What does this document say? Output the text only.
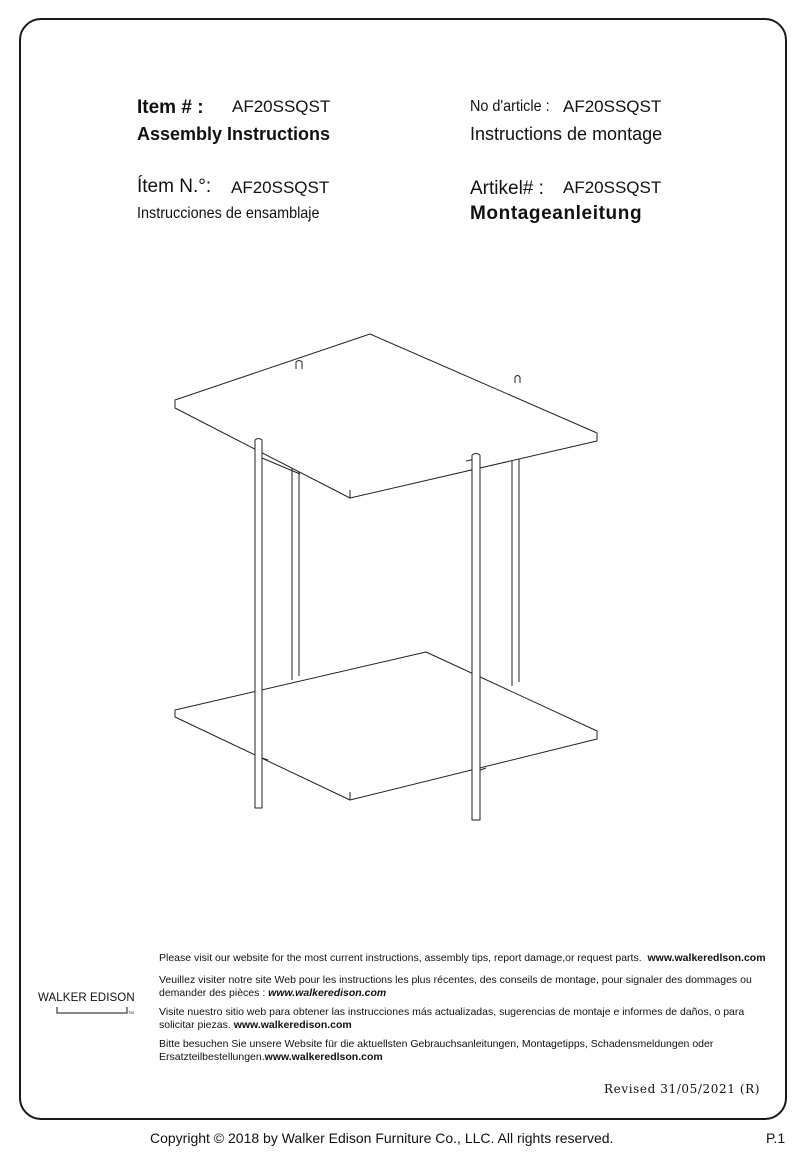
Item # : AF20SSQST
Assembly Instructions
No d'article : AF20SSQST
Instructions de montage
Ítem N.°: AF20SSQST
Instrucciones de ensamblaje
Artikel# : AF20SSQST
Montageanleitung
Please visit our website for the most current instructions, assembly tips, report damage,or request parts. www.walkeredlson.com
Veuillez visiter notre site Web pour les instructions les plus récentes, des conseils de montage, pour signaler des dommages ou demander des pièces : www.walkeredison.com
Visite nuestro sitio web para obtener las instrucciones más actualizadas, sugerencias de montaje e informes de daños, o para solicitar piezas. www.walkeredison.com
Bitte besuchen Sie unsere Website für die aktuellsten Gebrauchsanleitungen, Montagetipps, Schadensmeldungen oder Ersatzteilbestellungen.www.walkeredlson.com
WALKER EDISON
TM
Revised 31/05/2021 (R)
Copyright © 2018 by Walker Edison Furniture Co., LLC. All rights reserved.	P.1
